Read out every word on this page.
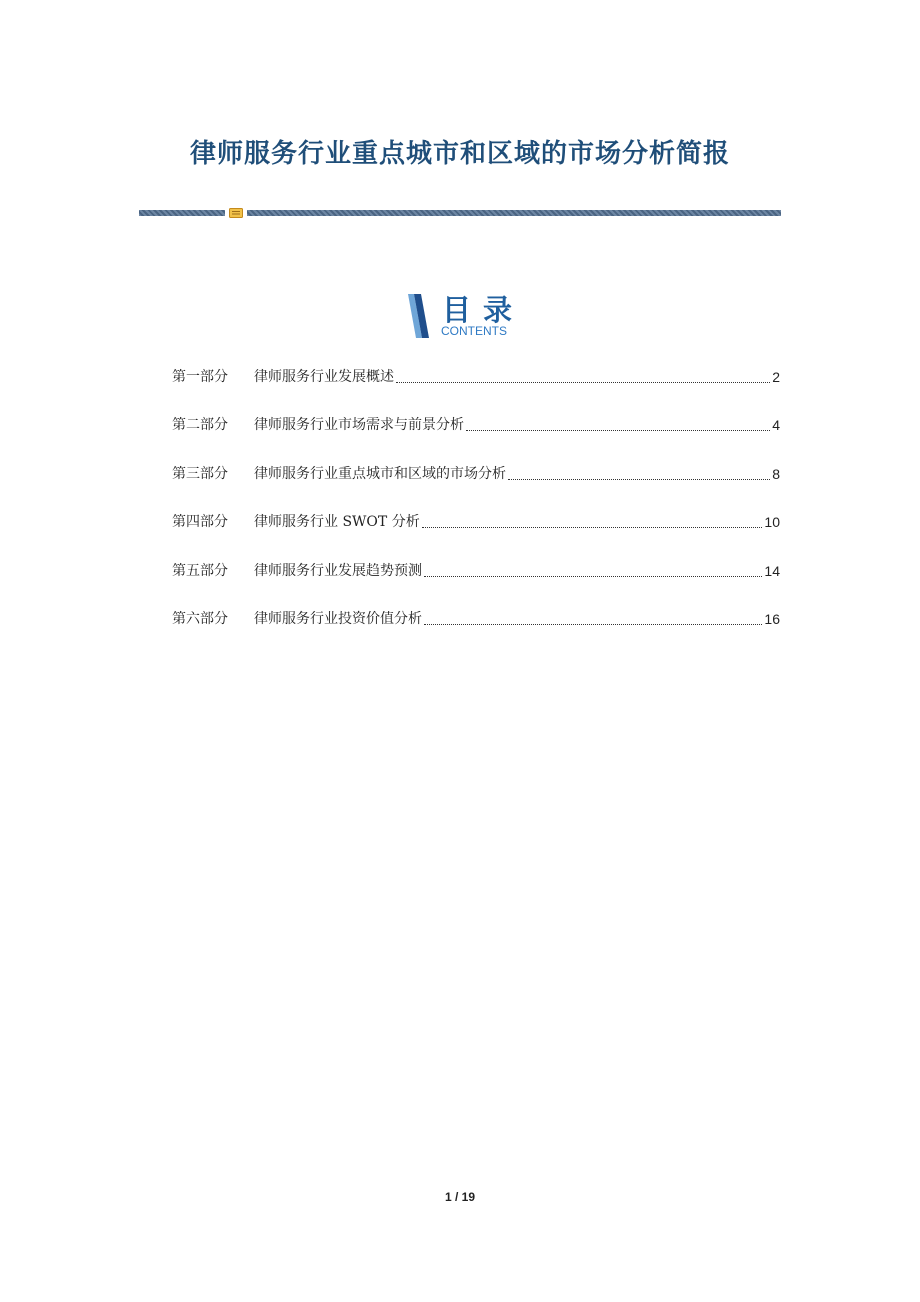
律师服务行业重点城市和区域的市场分析简报
目录
CONTENTS
第一部分	律师服务行业发展概述	2
第二部分	律师服务行业市场需求与前景分析	4
第三部分	律师服务行业重点城市和区域的市场分析	8
第四部分	律师服务行业 SWOT 分析	10
第五部分	律师服务行业发展趋势预测	14
第六部分	律师服务行业投资价值分析	16
1 / 19
